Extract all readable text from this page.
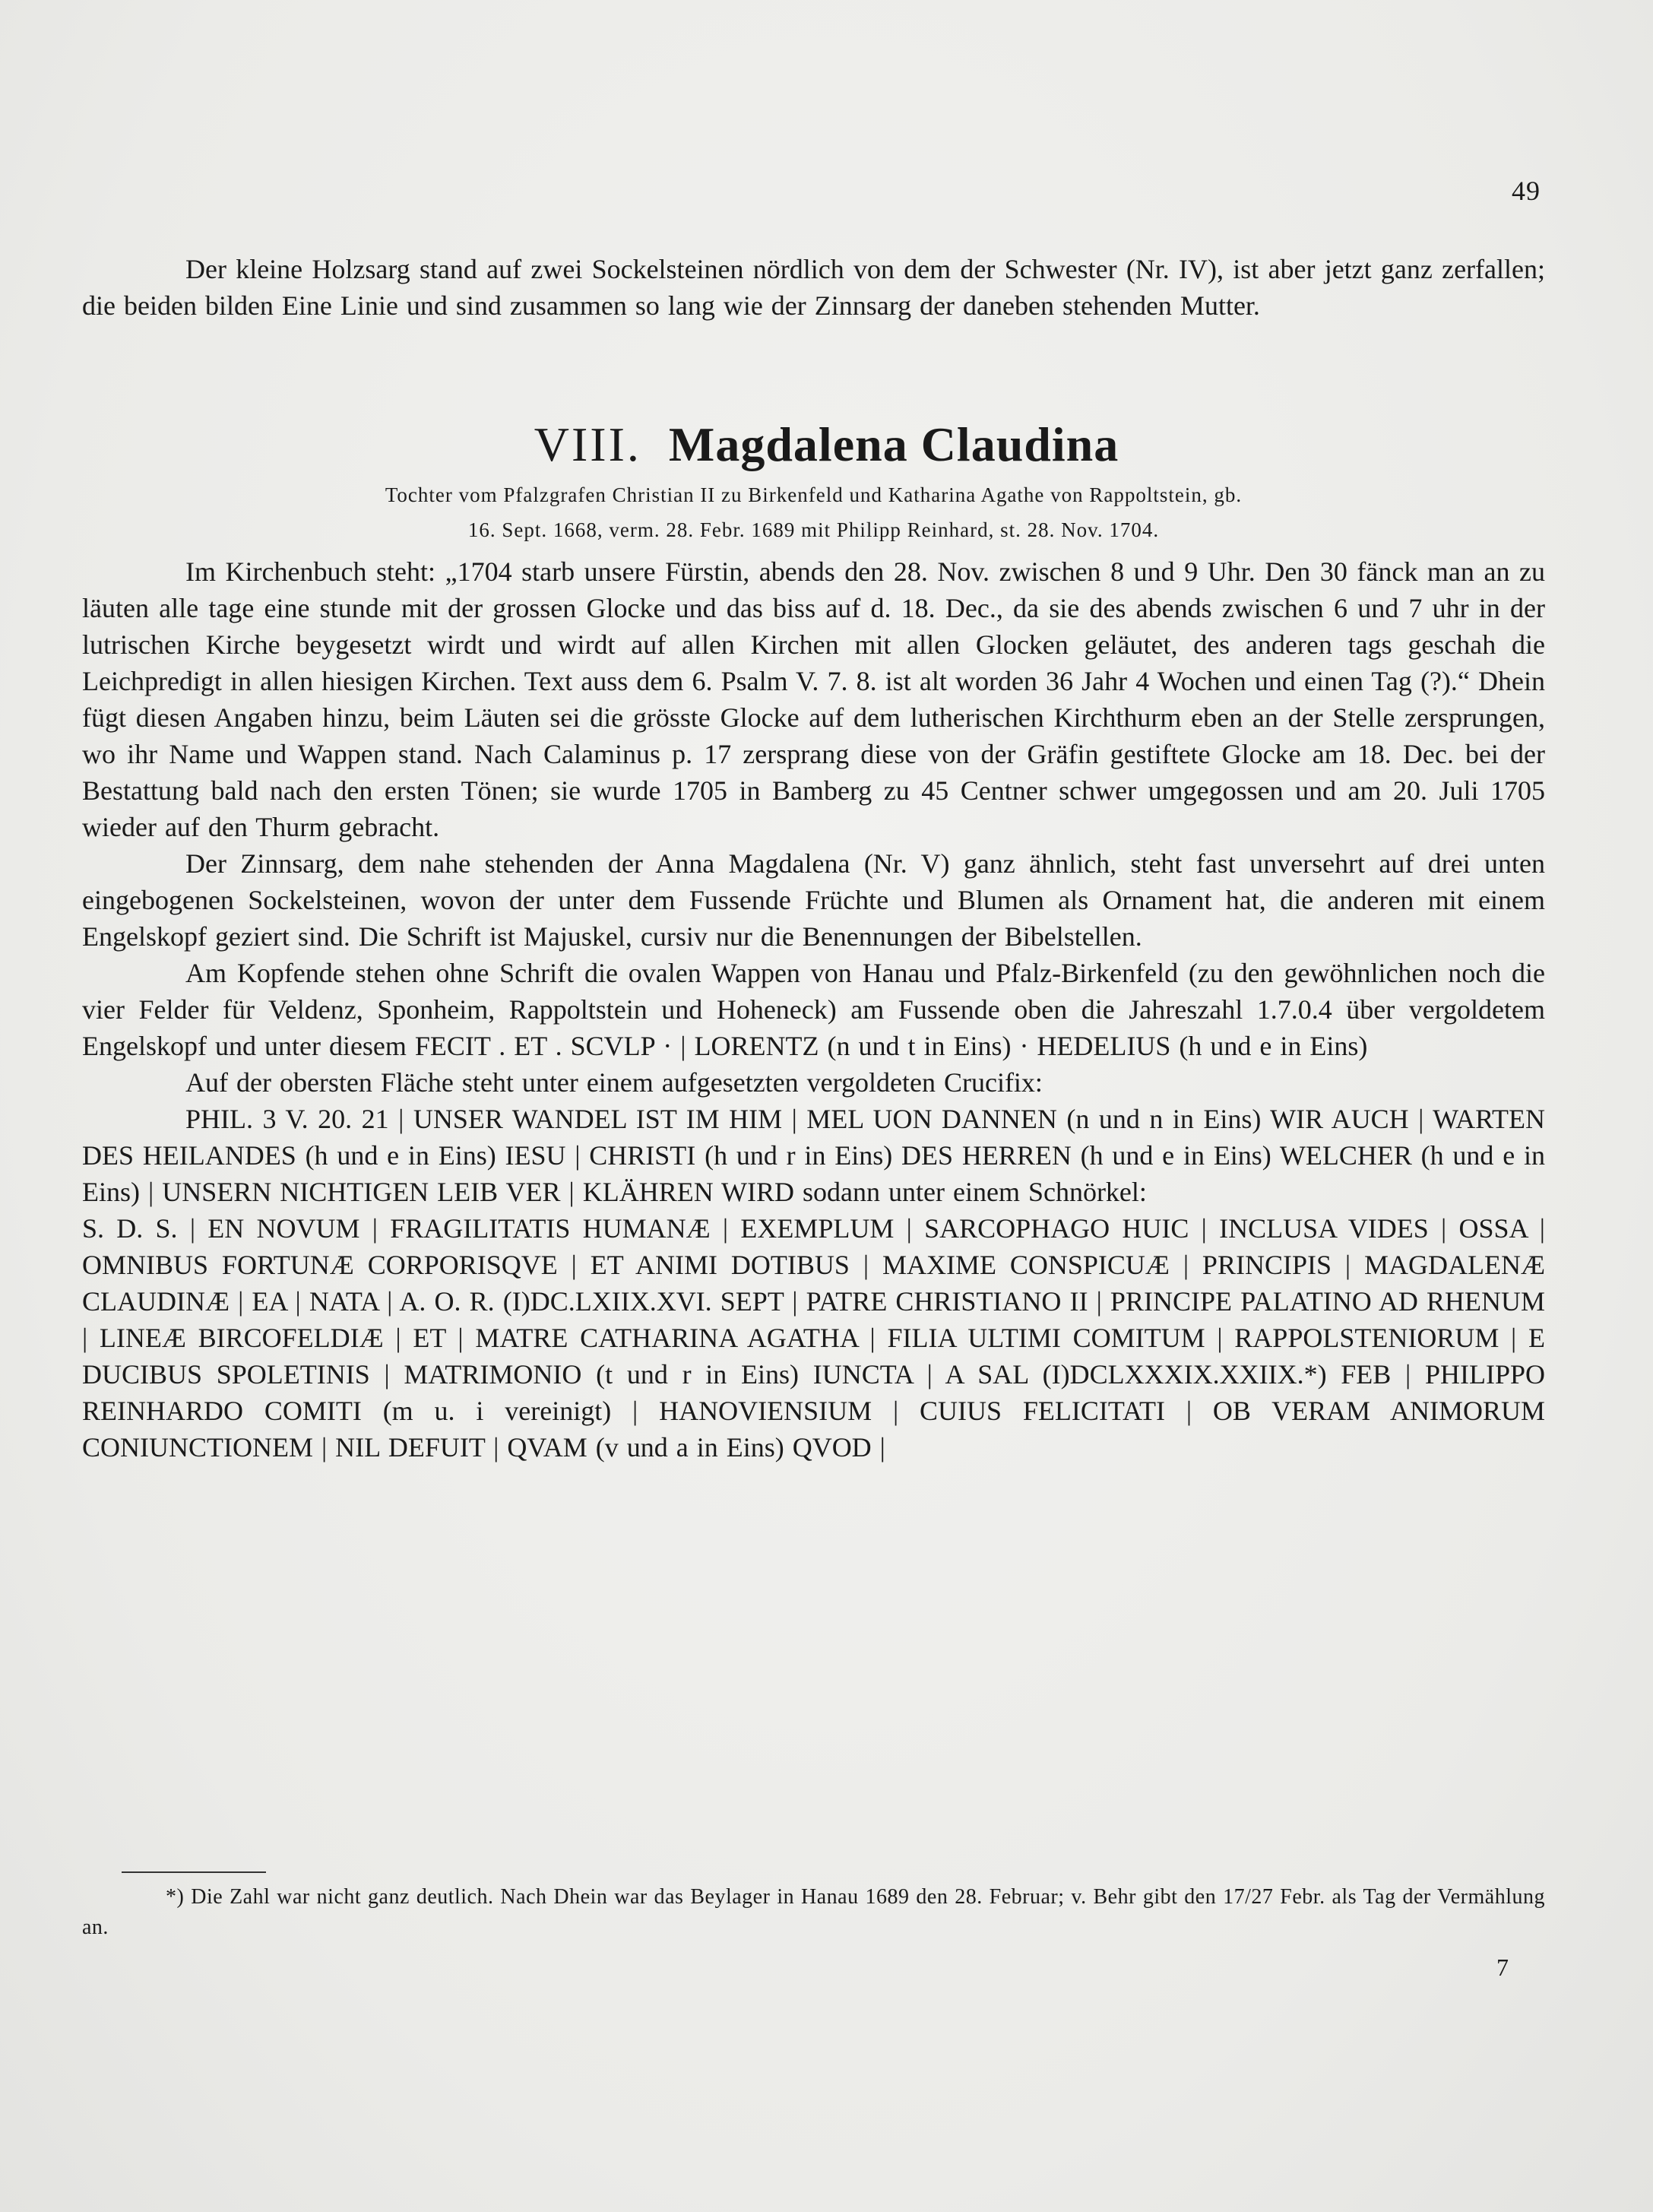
49

Der kleine Holzsarg stand auf zwei Sockelsteinen nördlich von dem der Schwester (Nr. IV), ist aber jetzt ganz zerfallen; die beiden bilden Eine Linie und sind zusammen so lang wie der Zinnsarg der daneben stehenden Mutter.

VIII. Magdalena Claudina
Tochter vom Pfalzgrafen Christian II zu Birkenfeld und Katharina Agathe von Rappoltstein, gb.
16. Sept. 1668, verm. 28. Febr. 1689 mit Philipp Reinhard, st. 28. Nov. 1704.

Im Kirchenbuch steht: „1704 starb unsere Fürstin, abends den 28. Nov. zwischen 8 und 9 Uhr. Den 30 fänck man an zu läuten alle tage eine stunde mit der grossen Glocke und das biss auf d. 18. Dec., da sie des abends zwischen 6 und 7 uhr in der lutrischen Kirche beygesetzt wirdt und wirdt auf allen Kirchen mit allen Glocken geläutet, des anderen tags geschah die Leichpredigt in allen hiesigen Kirchen. Text auss dem 6. Psalm V. 7. 8. ist alt worden 36 Jahr 4 Wochen und einen Tag (?).“ Dhein fügt diesen Angaben hinzu, beim Läuten sei die grösste Glocke auf dem lutherischen Kirchthurm eben an der Stelle zersprungen, wo ihr Name und Wappen stand. Nach Calaminus p. 17 zersprang diese von der Gräfin gestiftete Glocke am 18. Dec. bei der Bestattung bald nach den ersten Tönen; sie wurde 1705 in Bamberg zu 45 Centner schwer umgegossen und am 20. Juli 1705 wieder auf den Thurm gebracht.

Der Zinnsarg, dem nahe stehenden der Anna Magdalena (Nr. V) ganz ähnlich, steht fast unversehrt auf drei unten eingebogenen Sockelsteinen, wovon der unter dem Fussende Früchte und Blumen als Ornament hat, die anderen mit einem Engelskopf geziert sind. Die Schrift ist Majuskel, cursiv nur die Benennungen der Bibelstellen.

Am Kopfende stehen ohne Schrift die ovalen Wappen von Hanau und Pfalz-Birkenfeld (zu den gewöhnlichen noch die vier Felder für Veldenz, Sponheim, Rappoltstein und Hoheneck) am Fussende oben die Jahreszahl 1.7.0.4 über vergoldetem Engelskopf und unter diesem FECIT . ET . SCVLP · | LORENTZ (n und t in Eins) · HEDELIUS (h und e in Eins)

Auf der obersten Fläche steht unter einem aufgesetzten vergoldeten Crucifix:

PHIL. 3 V. 20. 21 | UNSER WANDEL IST IM HIM | MEL UON DANNEN (n und n in Eins) WIR AUCH | WARTEN DES HEILANDES (h und e in Eins) IESU | CHRISTI (h und r in Eins) DES HERREN (h und e in Eins) WELCHER (h und e in Eins) | UNSERN NICHTIGEN LEIB VER | KLÄHREN WIRD sodann unter einem Schnörkel:

S. D. S. | EN NOVUM | FRAGILITATIS HUMANÆ | EXEMPLUM | SARCOPHAGO HUIC | INCLUSA VIDES | OSSA | OMNIBUS FORTUNÆ CORPORISQVE | ET ANIMI DOTIBUS | MAXIME CONSPICUÆ | PRINCIPIS | MAGDALENÆ CLAUDINÆ | EA | NATA | A. O. R. (I)DC.LXIIX.XVI. SEPT | PATRE CHRISTIANO II | PRINCIPE PALATINO AD RHENUM | LINEÆ BIRCOFELDIÆ | ET | MATRE CATHARINA AGATHA | FILIA ULTIMI COMITUM | RAPPOLSTENIORUM | E DUCIBUS SPOLETINIS | MATRIMONIO (t und r in Eins) IUNCTA | A SAL (I)DCLXXXIX.XXIIX.*) FEB | PHILIPPO REINHARDO COMITI (m u. i vereinigt) | HANOVIENSIUM | CUIUS FELICITATI | OB VERAM ANIMORUM CONIUNCTIONEM | NIL DEFUIT | QVAM (v und a in Eins) QVOD |

*) Die Zahl war nicht ganz deutlich. Nach Dhein war das Beylager in Hanau 1689 den 28. Februar; v. Behr gibt den 17/27 Febr. als Tag der Vermählung an.

7
